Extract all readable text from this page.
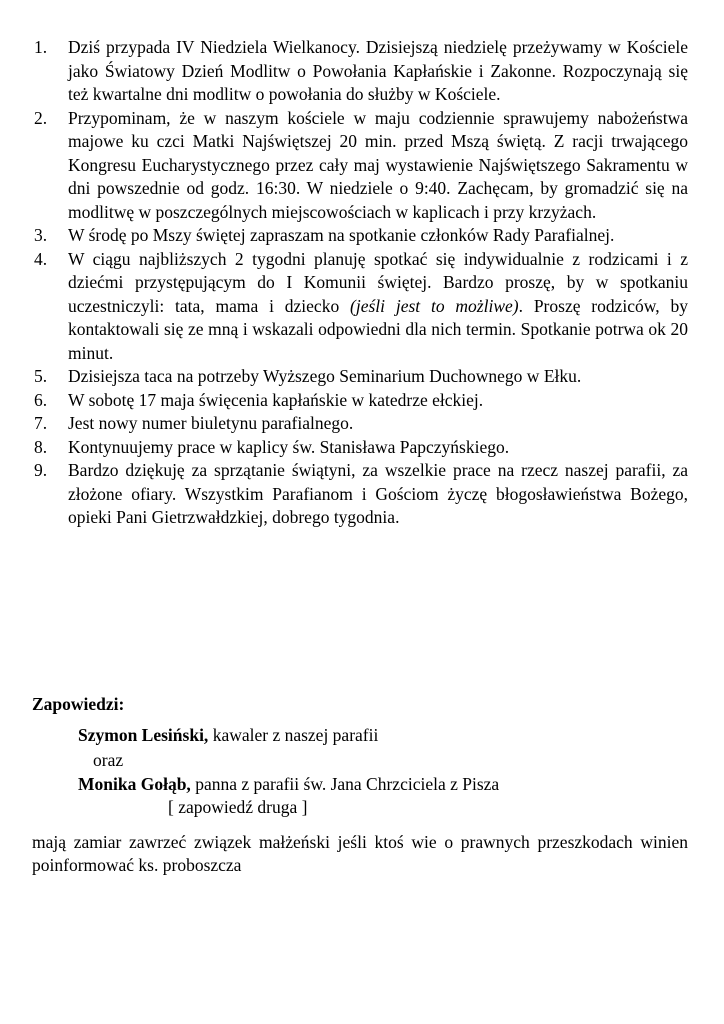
1. Dziś przypada IV Niedziela Wielkanocy. Dzisiejszą niedzielę przeżywamy w Kościele jako Światowy Dzień Modlitw o Powołania Kapłańskie i Zakonne. Rozpoczynają się też kwartalne dni modlitw o powołania do służby w Kościele.
2. Przypominam, że w naszym kościele w maju codziennie sprawujemy nabożeństwa majowe ku czci Matki Najświętszej 20 min. przed Mszą świętą. Z racji trwającego Kongresu Eucharystycznego przez cały maj wystawienie Najświętszego Sakramentu w dni powszednie od godz. 16:30. W niedziele o 9:40. Zachęcam, by gromadzić się na modlitwę w poszczególnych miejscowościach w kaplicach i przy krzyżach.
3. W środę po Mszy świętej zapraszam na spotkanie członków Rady Parafialnej.
4. W ciągu najbliższych 2 tygodni planuję spotkać się indywidualnie z rodzicami i z dziećmi przystępującym do I Komunii świętej. Bardzo proszę, by w spotkaniu uczestniczyli: tata, mama i dziecko (jeśli jest to możliwe). Proszę rodziców, by kontaktowali się ze mną i wskazali odpowiedni dla nich termin. Spotkanie potrwa ok 20 minut.
5. Dzisiejsza taca na potrzeby Wyższego Seminarium Duchownego w Ełku.
6. W sobotę 17 maja święcenia kapłańskie w katedrze ełckiej.
7. Jest nowy numer biuletynu parafialnego.
8. Kontynuujemy prace w kaplicy św. Stanisława Papczyńskiego.
9. Bardzo dziękuję za sprzątanie świątyni, za wszelkie prace na rzecz naszej parafii, za złożone ofiary. Wszystkim Parafianom i Gościom życzę błogosławieństwa Bożego, opieki Pani Gietrzwałdzkiej, dobrego tygodnia.

Zapowiedzi:

Szymon Lesiński, kawaler z naszej parafii
oraz
Monika Gołąb, panna z parafii św. Jana Chrzciciela z Pisza
[ zapowiedź druga ]

mają zamiar zawrzeć związek małżeński jeśli ktoś wie o prawnych przeszkodach winien poinformować ks. proboszcza
